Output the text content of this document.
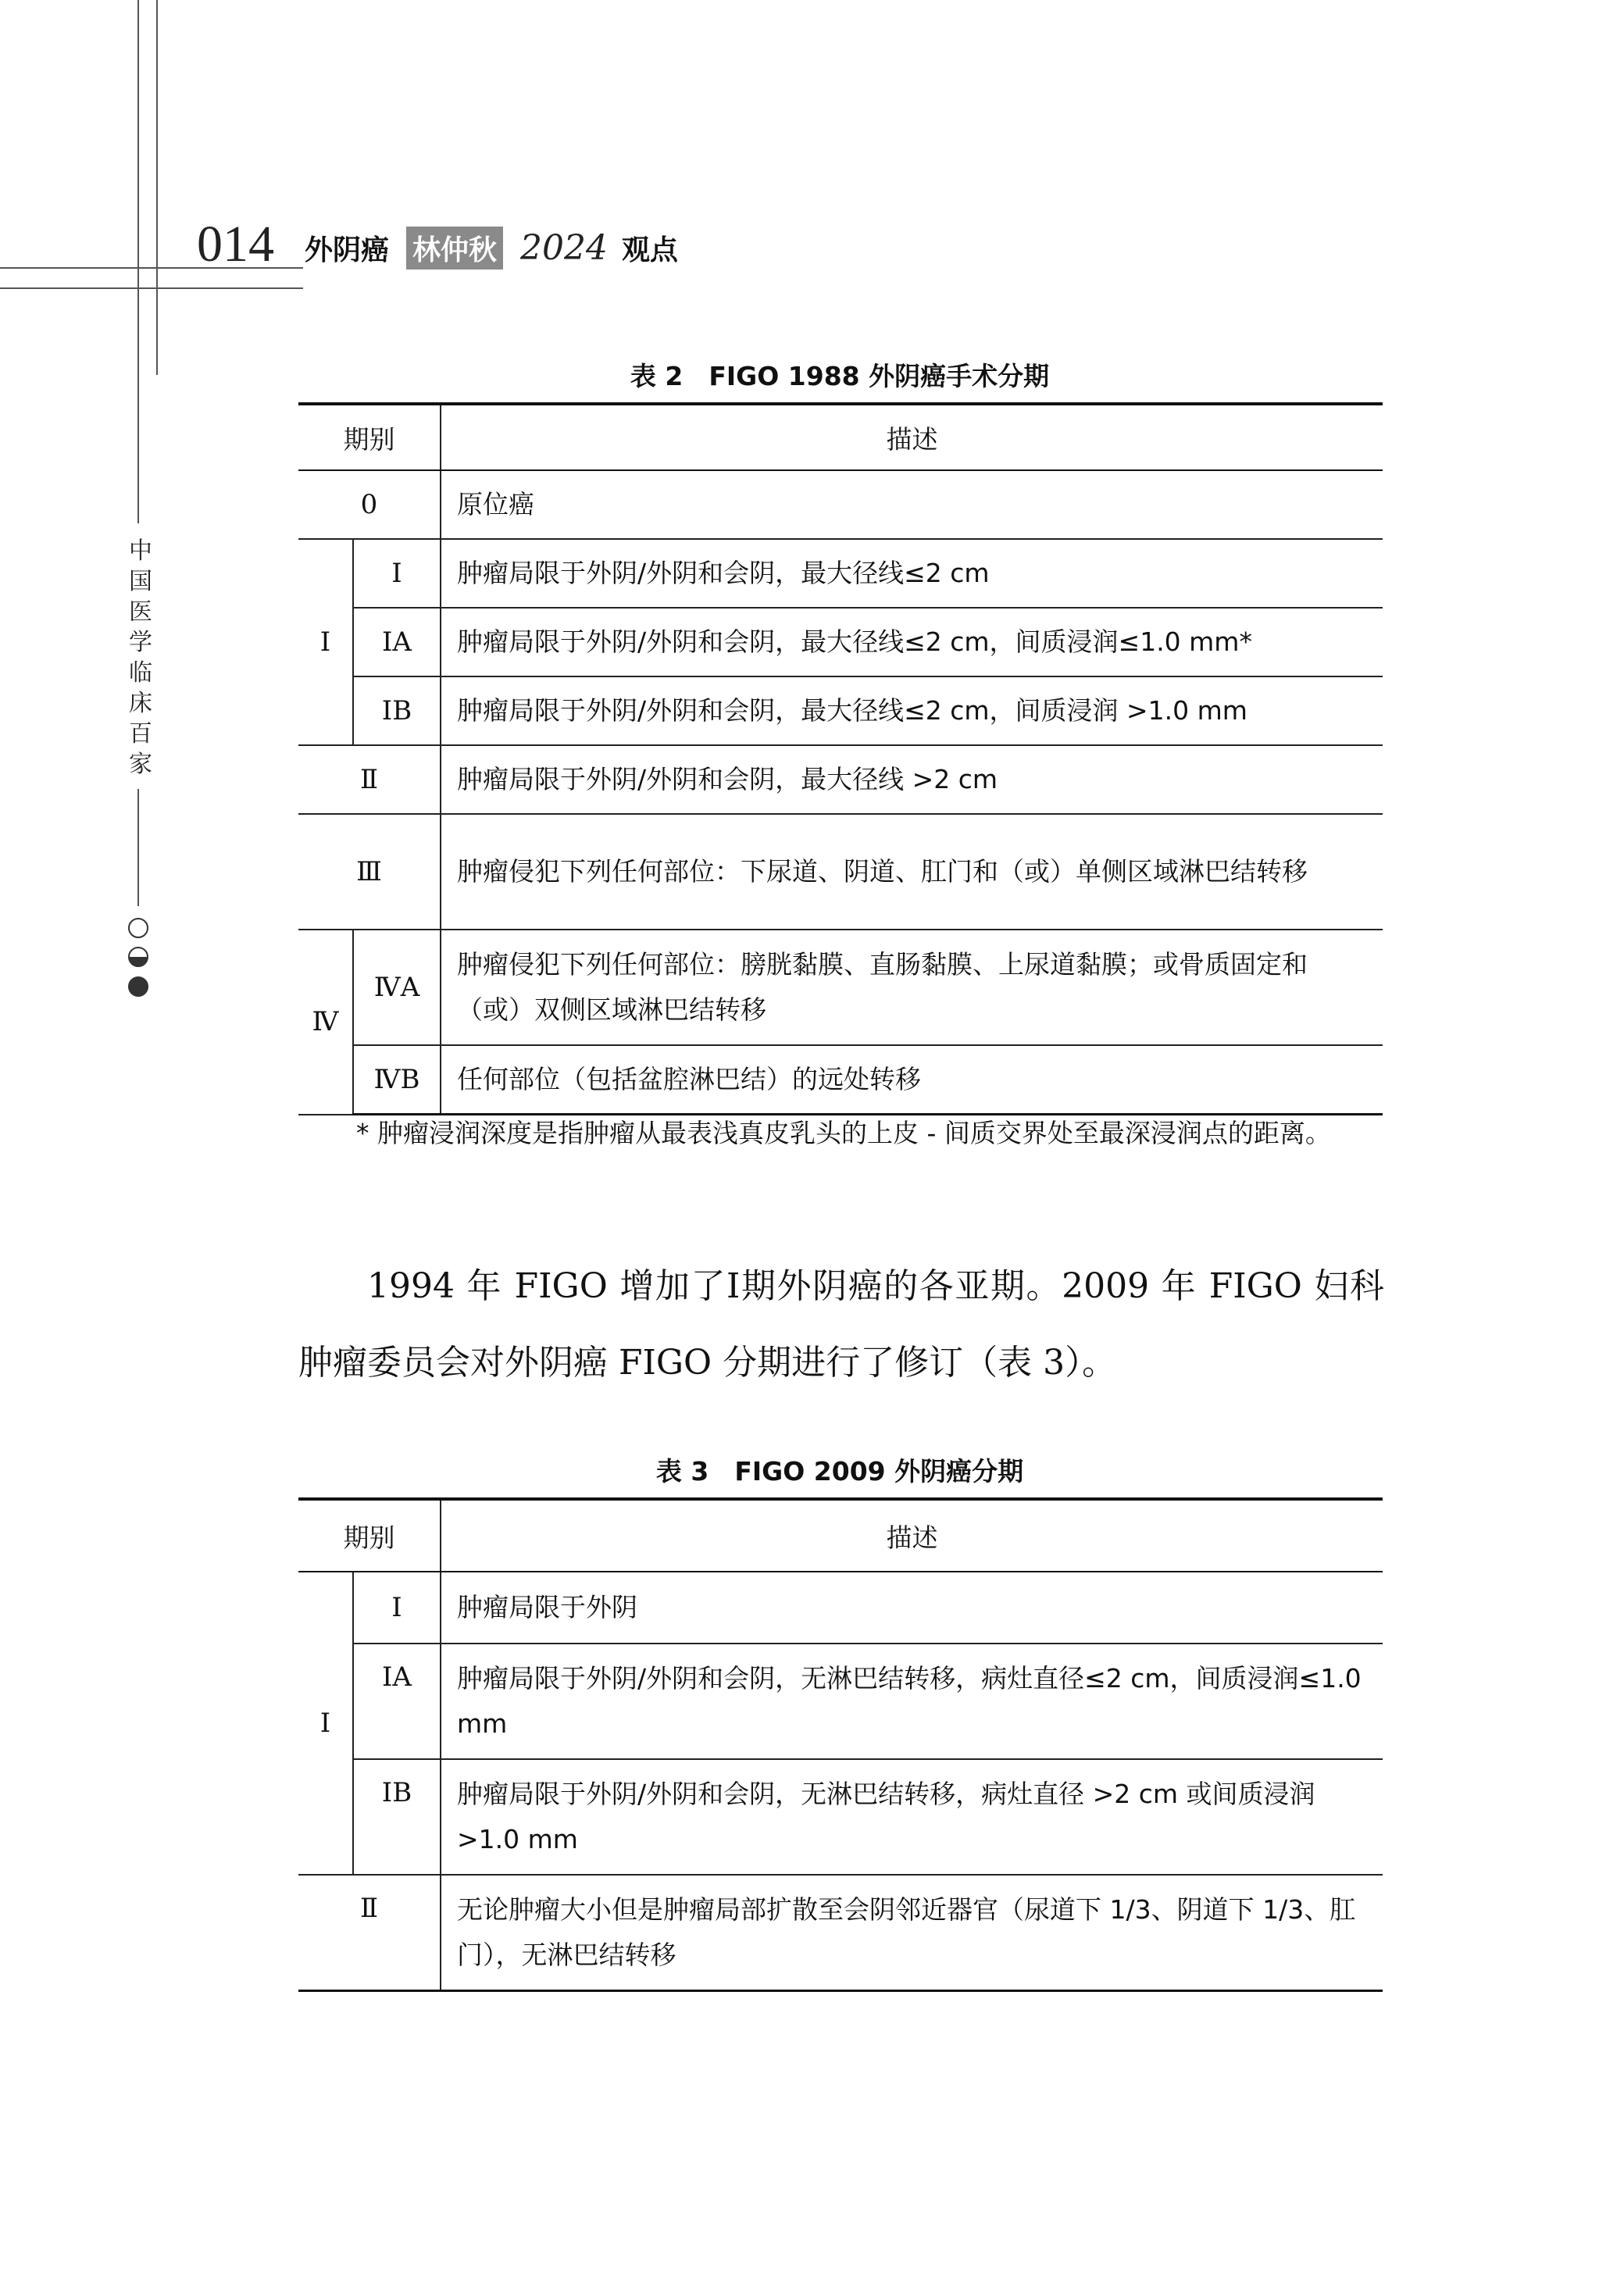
014 外阴癌 林仲秋 2024 观点
中
国
医
学
临
床
百
家
表 2　FIGO 1988 外阴癌手术分期
期别		描述
0		原位癌
Ⅰ	Ⅰ	肿瘤局限于外阴/外阴和会阴，最大径线≤2 cm
	ⅠA	肿瘤局限于外阴/外阴和会阴，最大径线≤2 cm，间质浸润≤1.0 mm*
	ⅠB	肿瘤局限于外阴/外阴和会阴，最大径线≤2 cm，间质浸润 >1.0 mm
Ⅱ		肿瘤局限于外阴/外阴和会阴，最大径线 >2 cm
Ⅲ		肿瘤侵犯下列任何部位：下尿道、阴道、肛门和（或）单侧区域淋巴结转移
Ⅳ	ⅣA	肿瘤侵犯下列任何部位：膀胱黏膜、直肠黏膜、上尿道黏膜；或骨质固定和（或）双侧区域淋巴结转移
	ⅣB	任何部位（包括盆腔淋巴结）的远处转移
* 肿瘤浸润深度是指肿瘤从最表浅真皮乳头的上皮 - 间质交界处至最深浸润点的距离。
1994 年 FIGO 增加了Ⅰ期外阴癌的各亚期。2009 年 FIGO 妇科肿瘤委员会对外阴癌 FIGO 分期进行了修订（表 3）。
表 3　FIGO 2009 外阴癌分期
期别		描述
Ⅰ	Ⅰ	肿瘤局限于外阴
	ⅠA	肿瘤局限于外阴/外阴和会阴，无淋巴结转移，病灶直径≤2 cm，间质浸润≤1.0 mm
	ⅠB	肿瘤局限于外阴/外阴和会阴，无淋巴结转移，病灶直径 >2 cm 或间质浸润 >1.0 mm
Ⅱ		无论肿瘤大小但是肿瘤局部扩散至会阴邻近器官（尿道下 1/3、阴道下 1/3、肛门），无淋巴结转移
